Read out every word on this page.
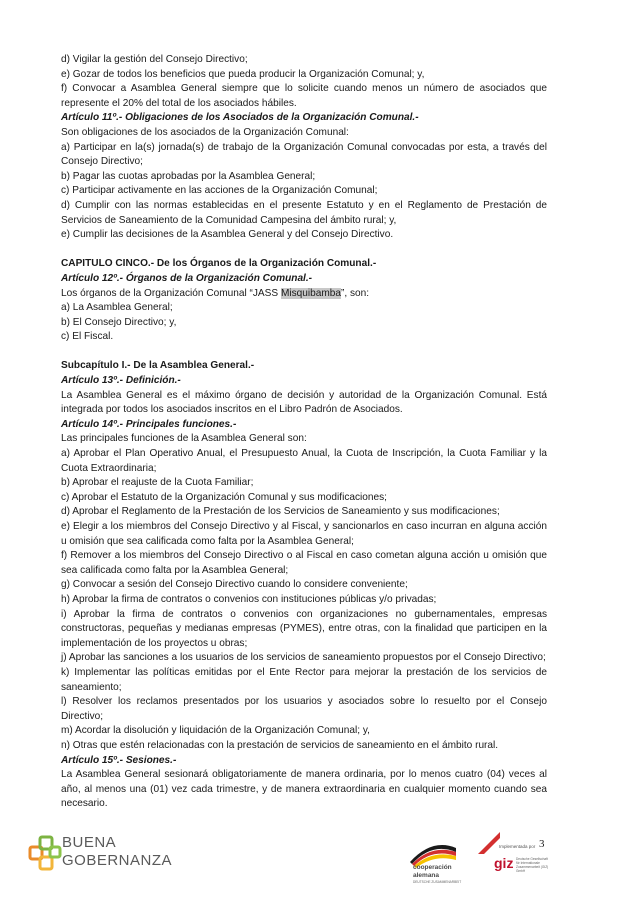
d) Vigilar la gestión del Consejo Directivo;

e) Gozar de todos los beneficios que pueda producir la Organización Comunal; y,

f) Convocar a Asamblea General siempre que lo solicite cuando menos un número de asociados que represente el 20% del total de los asociados hábiles.

Artículo 11º.- Obligaciones de los Asociados de la Organización Comunal.-

Son obligaciones de los asociados de la Organización Comunal:

a) Participar en la(s) jornada(s) de trabajo de la Organización Comunal convocadas por esta, a través del Consejo Directivo;

b) Pagar las cuotas aprobadas por la Asamblea General;

c) Participar activamente en las acciones de la Organización Comunal;

d) Cumplir con las normas establecidas en el presente Estatuto y en el Reglamento de Prestación de Servicios de Saneamiento de la Comunidad Campesina del ámbito rural; y,

e) Cumplir las decisiones de la Asamblea General y del Consejo Directivo.

CAPITULO CINCO.- De los Órganos de la Organización Comunal.-

Artículo 12º.- Órganos de la Organización Comunal.-

Los órganos de la Organización Comunal “JASS Misquibamba”, son:

a) La Asamblea General;

b) El Consejo Directivo; y,

c) El Fiscal.

Subcapítulo I.- De la Asamblea General.-

Artículo 13º.- Definición.-

La Asamblea General es el máximo órgano de decisión y autoridad de la Organización Comunal. Está integrada por todos los asociados inscritos en el Libro Padrón de Asociados.

Artículo 14º.- Principales funciones.-

Las principales funciones de la Asamblea General son:

a) Aprobar el Plan Operativo Anual, el Presupuesto Anual, la Cuota de Inscripción, la Cuota Familiar y la Cuota Extraordinaria;

b) Aprobar el reajuste de la Cuota Familiar;

c) Aprobar el Estatuto de la Organización Comunal y sus modificaciones;

d) Aprobar el Reglamento de la Prestación de los Servicios de Saneamiento y sus modificaciones;

e) Elegir a los miembros del Consejo Directivo y al Fiscal, y sancionarlos en caso incurran en alguna acción u omisión que sea calificada como falta por la Asamblea General;

f) Remover a los miembros del Consejo Directivo o al Fiscal en caso cometan alguna acción u omisión que sea calificada como falta por la Asamblea General;

g) Convocar a sesión del Consejo Directivo cuando lo considere conveniente;

h) Aprobar la firma de contratos o convenios con instituciones públicas y/o privadas;

i) Aprobar la firma de contratos o convenios con organizaciones no gubernamentales, empresas constructoras, pequeñas y medianas empresas (PYMES), entre otras, con la finalidad que participen en la implementación de los proyectos u obras;

j) Aprobar las sanciones a los usuarios de los servicios de saneamiento propuestos por el Consejo Directivo;

k) Implementar las políticas emitidas por el Ente Rector para mejorar la prestación de los servicios de saneamiento;

l) Resolver los reclamos presentados por los usuarios y asociados sobre lo resuelto por el Consejo Directivo;

m) Acordar la disolución y liquidación de la Organización Comunal; y,

n) Otras que estén relacionadas con la prestación de servicios de saneamiento en el ámbito rural.

Artículo 15º.- Sesiones.-

La Asamblea General sesionará obligatoriamente de manera ordinaria, por lo menos cuatro (04) veces al año, al menos una (01) vez cada trimestre, y de manera extraordinaria en cualquier momento cuando sea necesario.

3
BUENA
GOBERNANZA	cooperación
alemana
DEUTSCHE ZUSAMMENARBEIT
Implementada por
giz Deutsche Gesellschaft für Internationale Zusammenarbeit (GIZ) GmbH
